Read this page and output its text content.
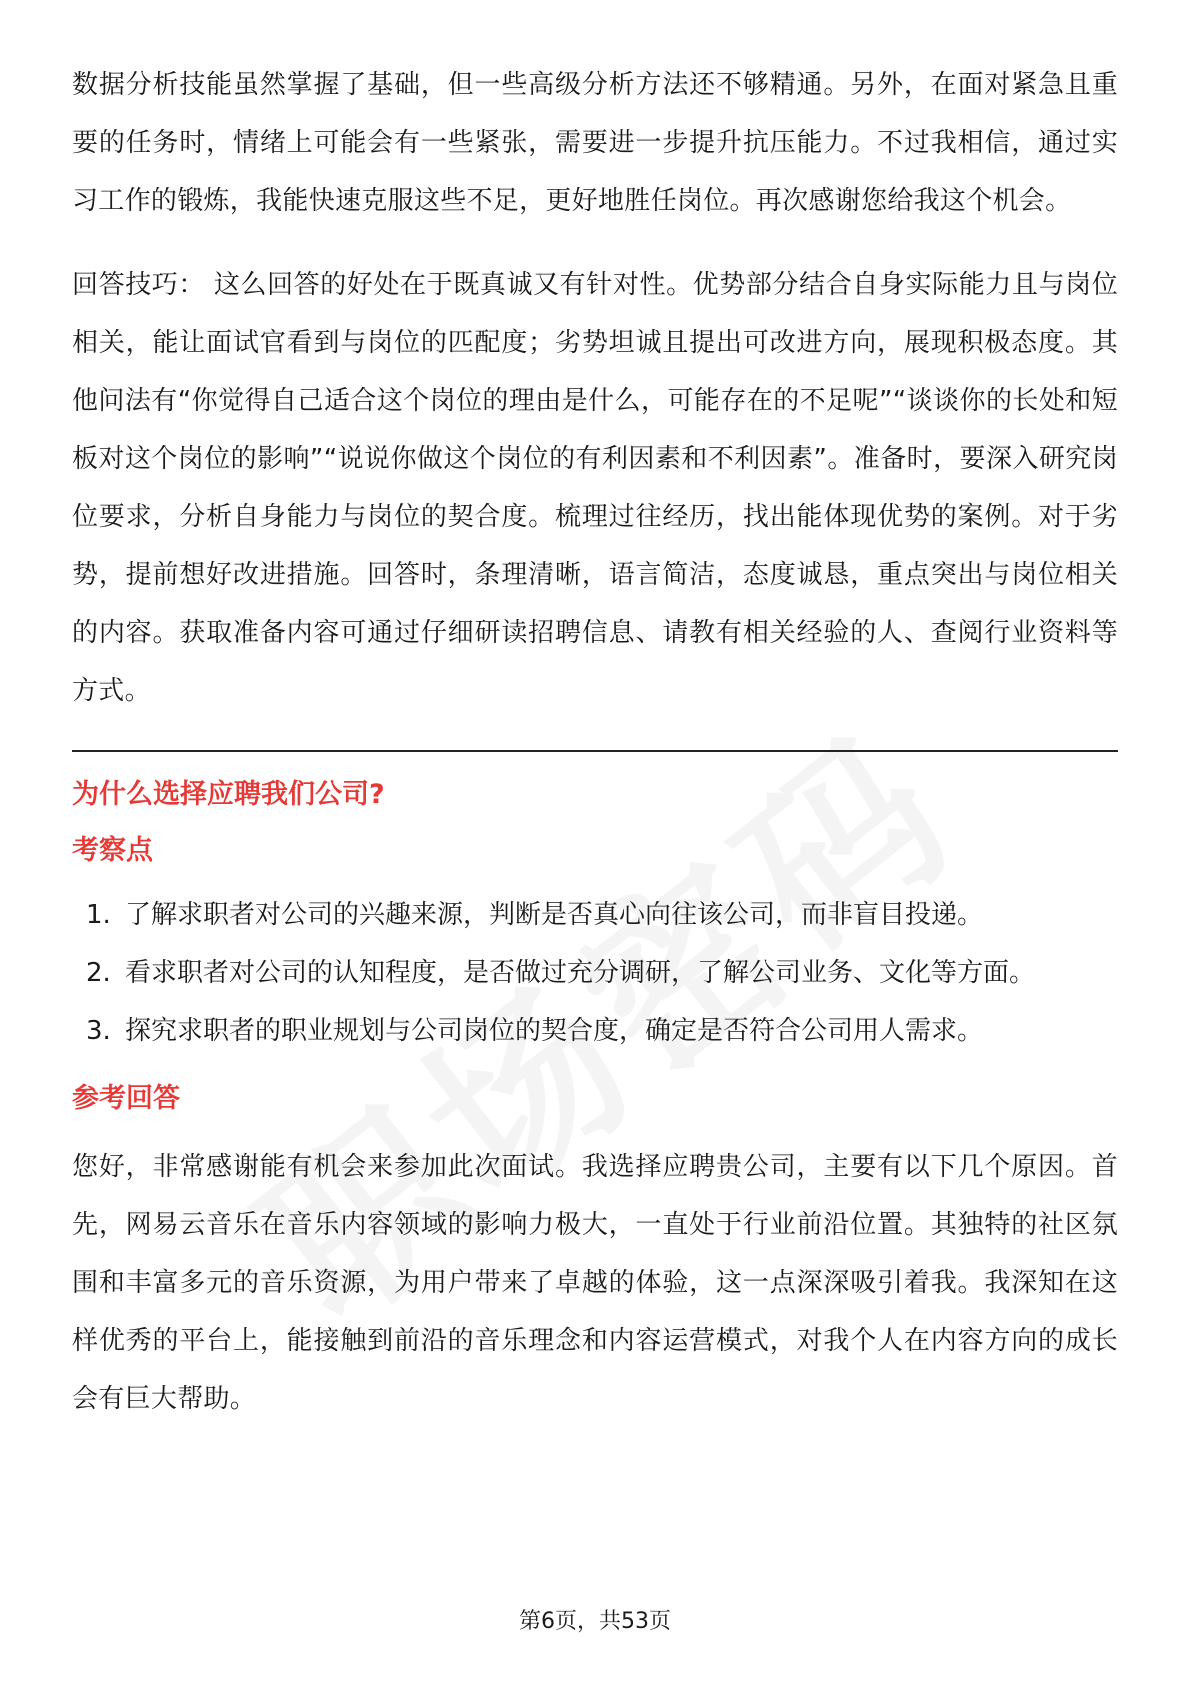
数据分析技能虽然掌握了基础，但一些高级分析方法还不够精通。另外，在面对紧急且重要的任务时，情绪上可能会有一些紧张，需要进一步提升抗压能力。不过我相信，通过实习工作的锻炼，我能快速克服这些不足，更好地胜任岗位。再次感谢您给我这个机会。

回答技巧： 这么回答的好处在于既真诚又有针对性。优势部分结合自身实际能力且与岗位相关，能让面试官看到与岗位的匹配度；劣势坦诚且提出可改进方向，展现积极态度。其他问法有“你觉得自己适合这个岗位的理由是什么，可能存在的不足呢”“谈谈你的长处和短板对这个岗位的影响”“说说你做这个岗位的有利因素和不利因素”。准备时，要深入研究岗位要求，分析自身能力与岗位的契合度。梳理过往经历，找出能体现优势的案例。对于劣势，提前想好改进措施。回答时，条理清晰，语言简洁，态度诚恳，重点突出与岗位相关的内容。获取准备内容可通过仔细研读招聘信息、请教有相关经验的人、查阅行业资料等方式。

为什么选择应聘我们公司?
考察点
1. 了解求职者对公司的兴趣来源，判断是否真心向往该公司，而非盲目投递。
2. 看求职者对公司的认知程度，是否做过充分调研，了解公司业务、文化等方面。
3. 探究求职者的职业规划与公司岗位的契合度，确定是否符合公司用人需求。
参考回答

您好，非常感谢能有机会来参加此次面试。我选择应聘贵公司，主要有以下几个原因。首先，网易云音乐在音乐内容领域的影响力极大，一直处于行业前沿位置。其独特的社区氛围和丰富多元的音乐资源，为用户带来了卓越的体验，这一点深深吸引着我。我深知在这样优秀的平台上，能接触到前沿的音乐理念和内容运营模式，对我个人在内容方向的成长会有巨大帮助。

第6页，共53页
